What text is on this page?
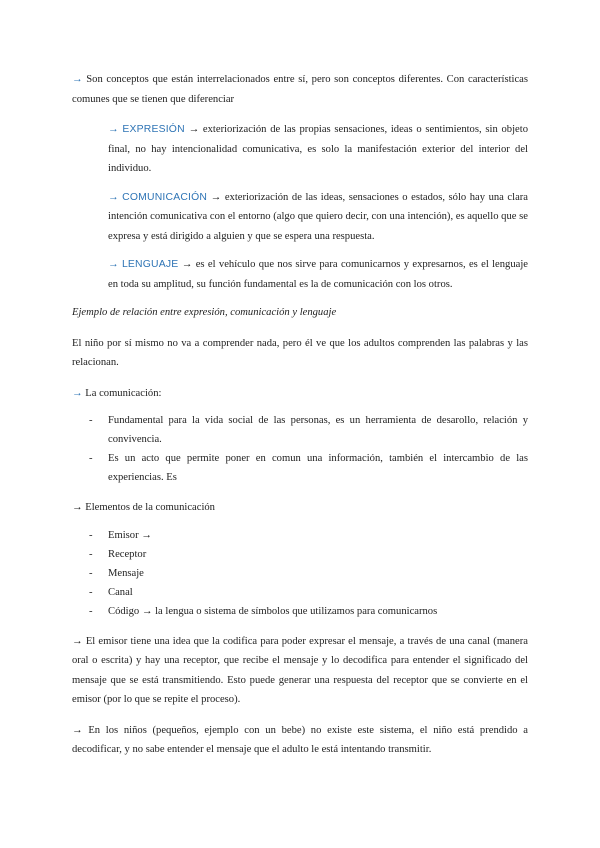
→ Son conceptos que están interrelacionados entre sí, pero son conceptos diferentes. Con características comunes que se tienen que diferenciar

→ EXPRESIÓN → exteriorización de las propias sensaciones, ideas o sentimientos, sin objeto final, no hay intencionalidad comunicativa, es solo la manifestación exterior del interior del individuo.

→ COMUNICACIÓN → exteriorización de las ideas, sensaciones o estados, sólo hay una clara intención comunicativa con el entorno (algo que quiero decir, con una intención), es aquello que se expresa y está dirigido a alguien y que se espera una respuesta.

→ LENGUAJE → es el vehículo que nos sirve para comunicarnos y expresarnos, es el lenguaje en toda su amplitud, su función fundamental es la de comunicación con los otros.

Ejemplo de relación entre expresión, comunicación y lenguaje

El niño por sí mismo no va a comprender nada, pero él ve que los adultos comprenden las palabras y las relacionan.

→ La comunicación:

- Fundamental para la vida social de las personas, es un herramienta de desarollo, relación y convivencia.
- Es un acto que permite poner en comun una información, también el intercambio de las experiencias. Es

→ Elementos de la comunicación

- Emisor →
- Receptor
- Mensaje
- Canal
- Código → la lengua o sistema de símbolos que utilizamos para comunicarnos

→ El emisor tiene una idea que la codifica para poder expresar el mensaje, a través de una canal (manera oral o escrita) y hay una receptor, que recibe el mensaje y lo decodifica para entender el significado del mensaje que se está transmitiendo. Esto puede generar una respuesta del receptor que se convierte en el emisor (por lo que se repite el proceso).

→ En los niños (pequeños, ejemplo con un bebe) no existe este sistema, el niño está prendido a decodificar, y no sabe entender el mensaje que el adulto le está intentando transmitir.
